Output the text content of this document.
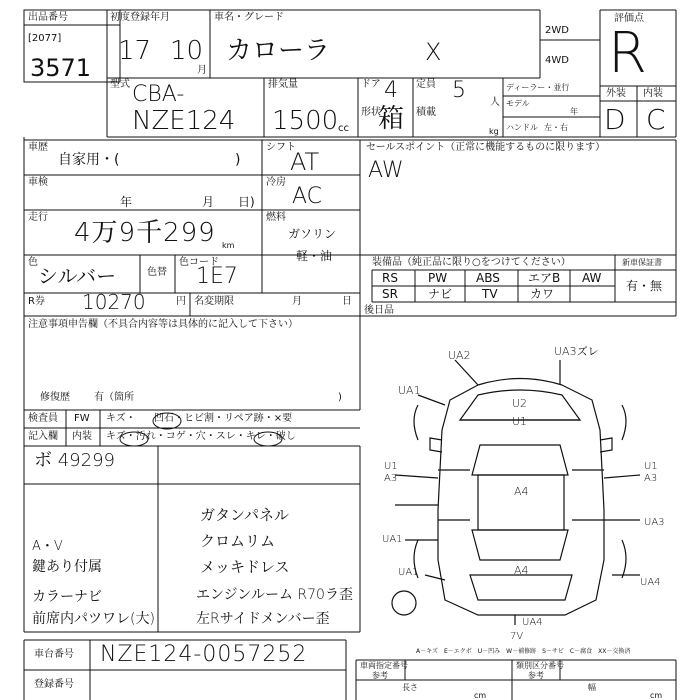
出品番号
[2077]
3571
初度登録年月
17 10
月
車名・グレード
カローラ	X
2WD
4WD
評価点
R
型式 CBA-
NZE124
排気量
1500 cc
ドア 4
形状
箱
定員 5 人
積載
kg
ディーラー・並行
モデル
年
ハンドル 左・右
外装 内装
D C
車歴
自家用・(	)
シフト
AT
セールスポイント（正常に機能するものに限ります）
AW
車検
年	月 日)
冷房
AC
走行
4万9千299 km
燃料
ガソリン
軽・油
色
シルバー	色替
色コード
1E7
R券 10270	円 名変期限	月	日
装備品（純正品に限り○をつけてください）	新車保証書
有・無
RS	PW ABS エアB AW
SR	ナビ TV	カワ
後日品
注意事項申告欄（不具合内容等は具体的に記入して下さい）
修復歴 有（箇所	)
検査員 FW キズ・ 凹石・ヒビ割・リペア跡・×要
記入欄 内装 キズ・汚れ・コゲ・穴・スレ・キレ・破し
ボ 49299
ガタンパネル
A・V	クロムリム
鍵あり付属	メッキドレス
カラーナビ	エンジンルーム R70ラ歪
前席内パツワレ(大)	左Rサイドメンバー歪
UA2	UA3ズレ
UA1
U2
U1
A4
U1
A3
U1
A3
UA3
A4
UA1
UA1
UA4
UA4
7V
A－キズ　E－エクボ　U－凹み　W－補修跡　S－サビ　C－腐食　XX－交換済
車台番号 NZE124-0057252
登録番号
車両指定番号
参考
類別区分番号
参考
長さ
cm
幅
cm
